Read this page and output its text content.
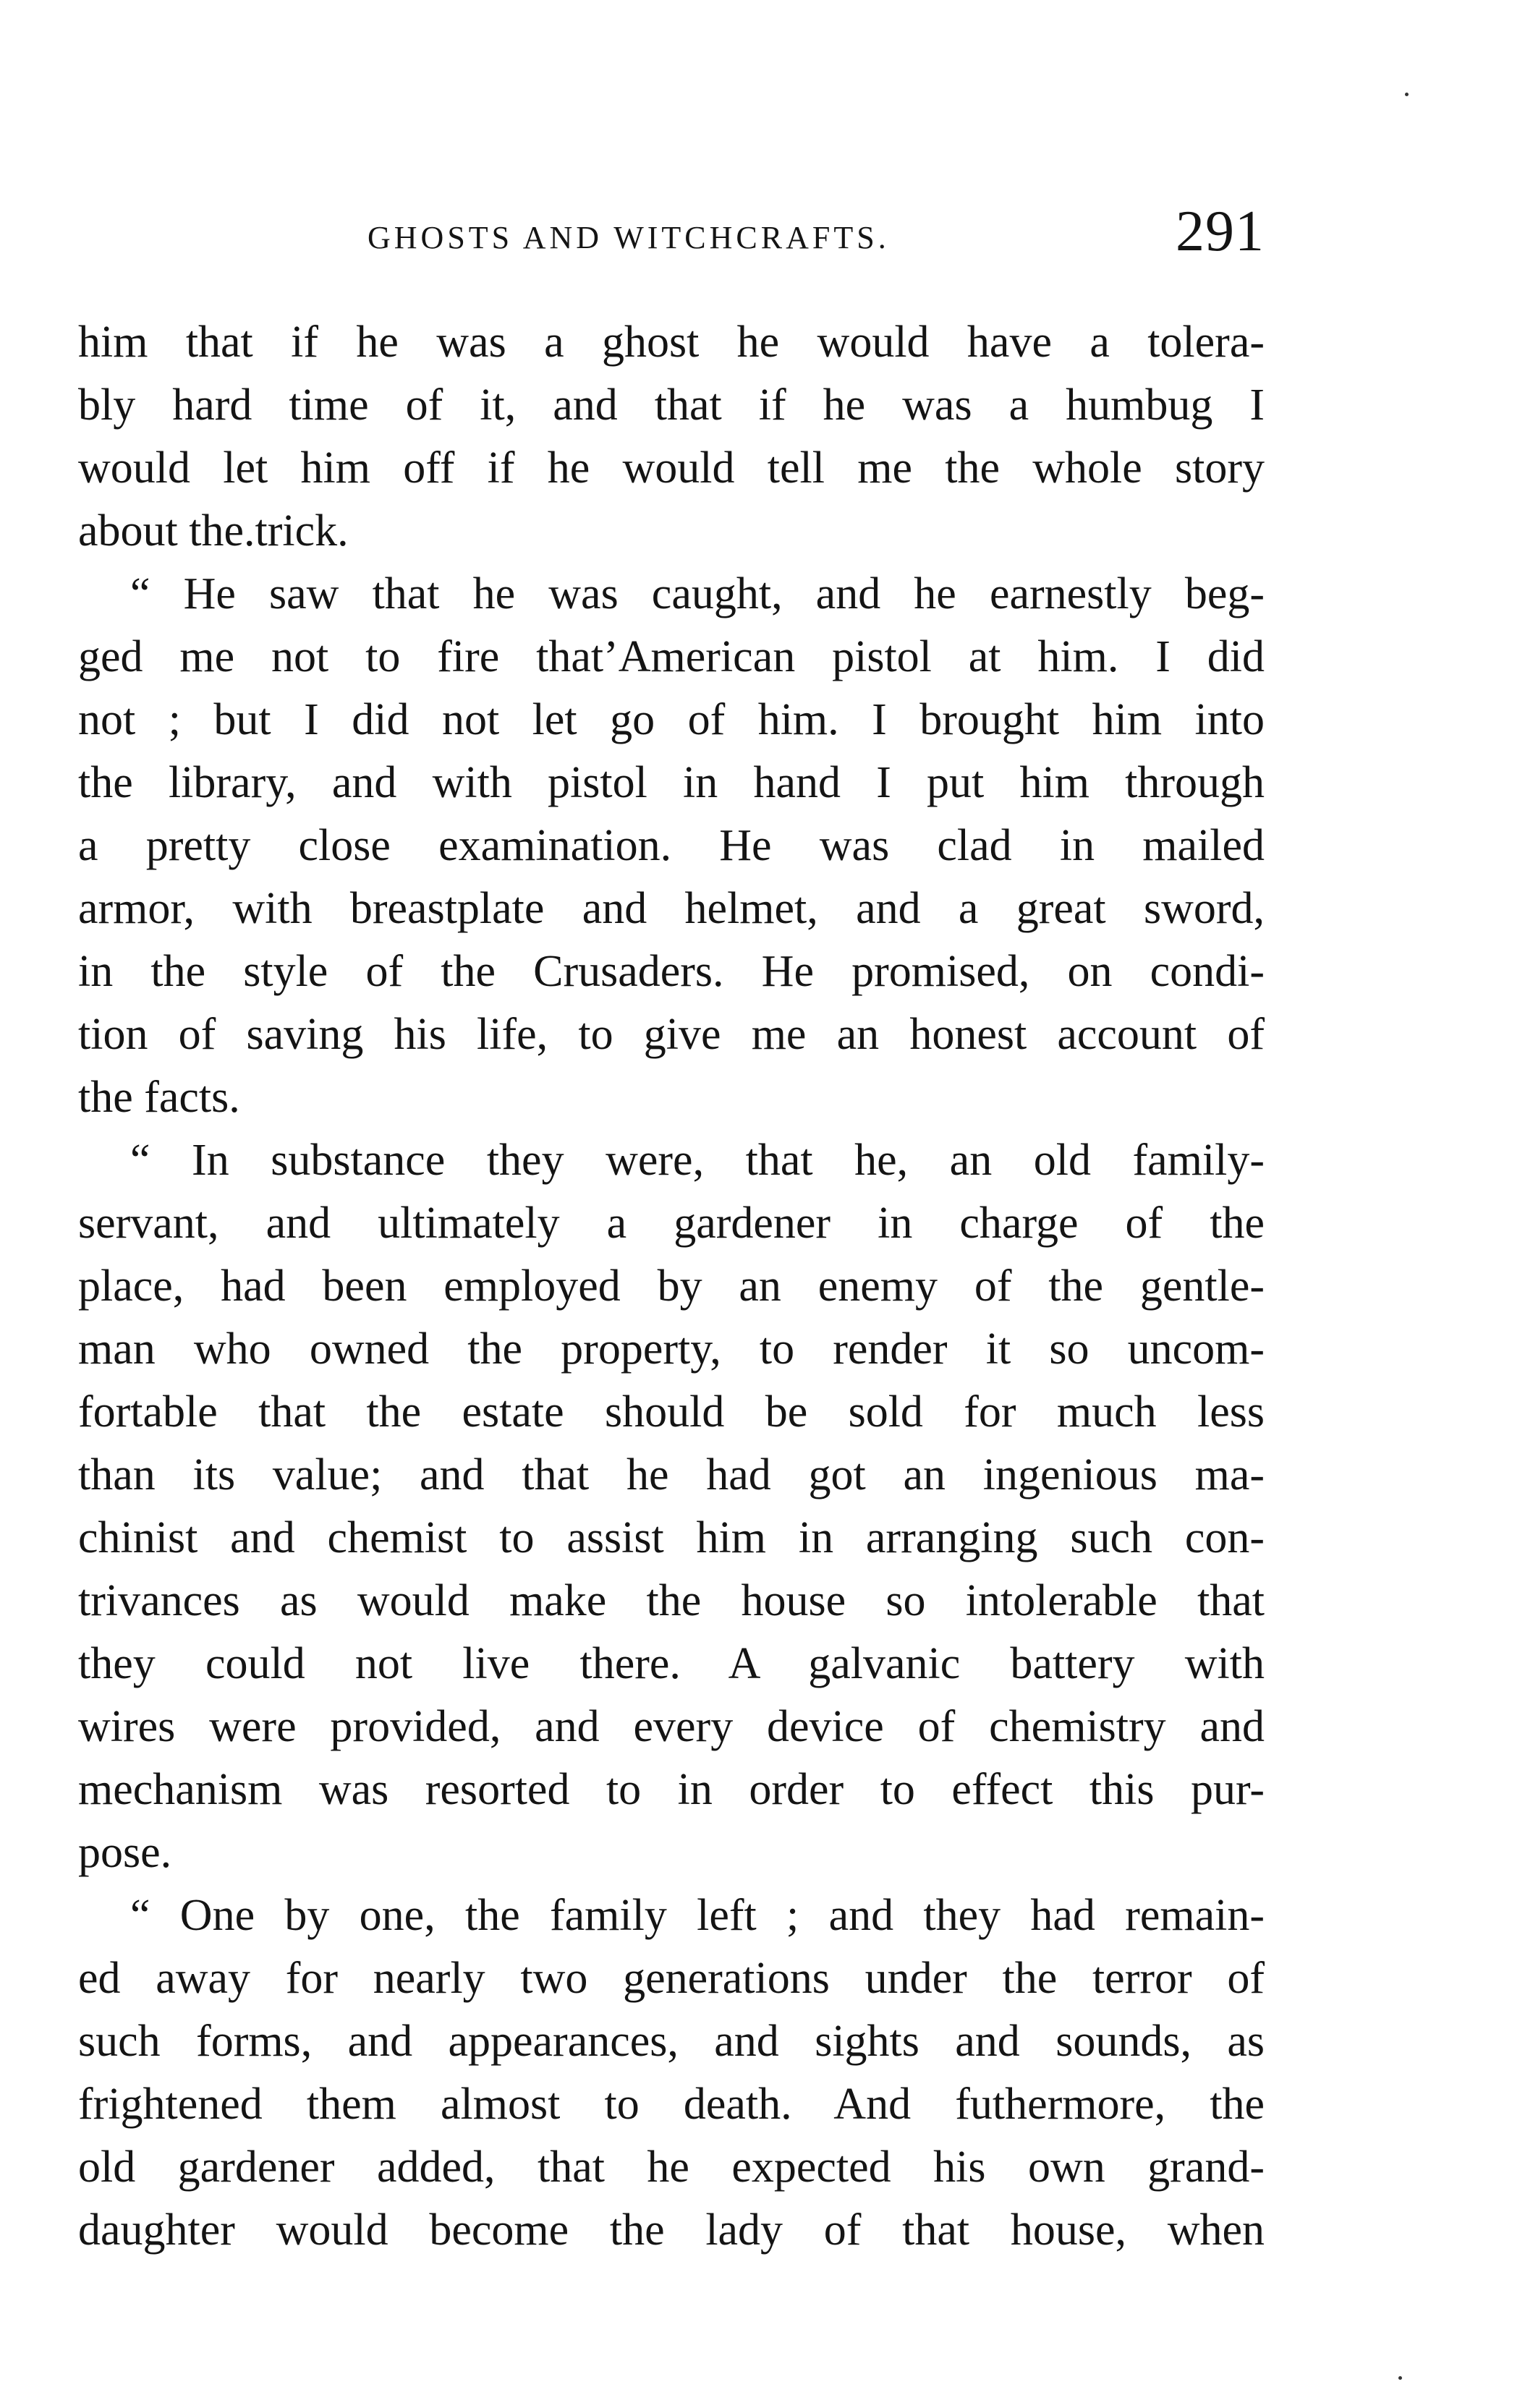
GHOSTS AND WITCHCRAFTS.	291
him that if he was a ghost he would have a tolera-
bly hard time of it, and that if he was a humbug I
would let him off if he would tell me the whole story
about the.trick.
“ He saw that he was caught, and he earnestly beg-
ged me not to fire that’American pistol at him. I did
not ; but I did not let go of him. I brought him into
the library, and with pistol in hand I put him through
a pretty close examination. He was clad in mailed
armor, with breastplate and helmet, and a great sword,
in the style of the Crusaders. He promised, on condi-
tion of saving his life, to give me an honest account of
the facts.
“ In substance they were, that he, an old family-
servant, and ultimately a gardener in charge of the
place, had been employed by an enemy of the gentle-
man who owned the property, to render it so uncom-
fortable that the estate should be sold for much less
than its value; and that he had got an ingenious ma-
chinist and chemist to assist him in arranging such con-
trivances as would make the house so intolerable that
they could not live there. A galvanic battery with
wires were provided, and every device of chemistry and
mechanism was resorted to in order to effect this pur-
pose.
“ One by one, the family left ; and they had remain-
ed away for nearly two generations under the terror of
such forms, and appearances, and sights and sounds, as
frightened them almost to death. And futhermore, the
old gardener added, that he expected his own grand-
daughter would become the lady of that house, when
